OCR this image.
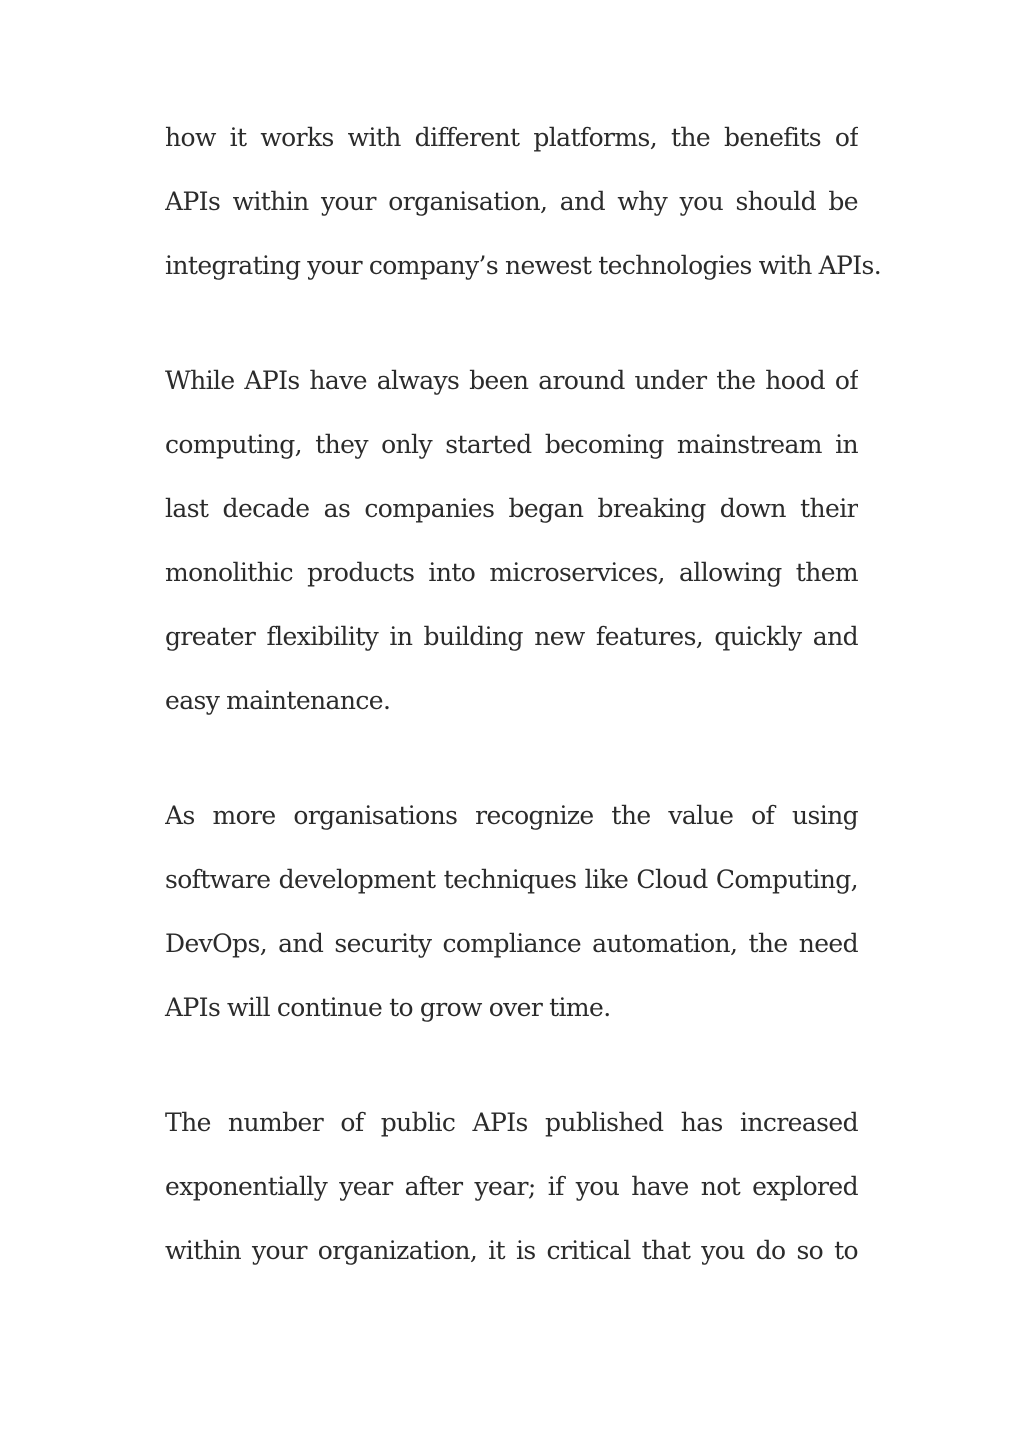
how it works with different platforms, the benefits of
APIs within your organisation, and why you should be
integrating your company’s newest technologies with APIs.

While APIs have always been around under the hood of
computing, they only started becoming mainstream in
last decade as companies began breaking down their
monolithic products into microservices, allowing them
greater flexibility in building new features, quickly and
easy maintenance.

As more organisations recognize the value of using
software development techniques like Cloud Computing,
DevOps, and security compliance automation, the need
APIs will continue to grow over time.

The number of public APIs published has increased
exponentially year after year; if you have not explored
within your organization, it is critical that you do so to
